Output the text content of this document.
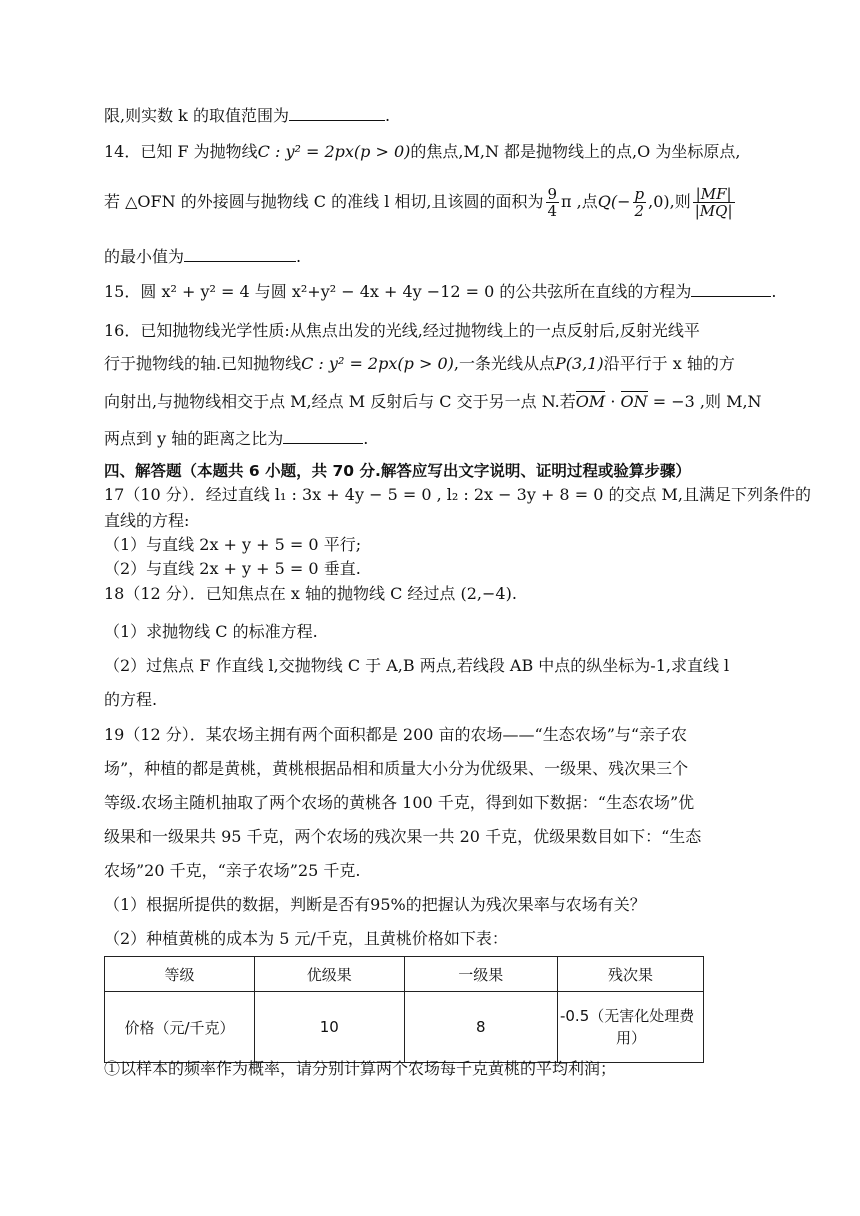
限,则实数 k 的取值范围为	.
14．已知 F 为抛物线C : y² = 2px(p > 0)的焦点,M,N 都是抛物线上的点,O 为坐标原点,
若 △OFN 的外接圆与抛物线 C 的准线 l 相切,且该圆的面积为 $\frac{9}{4}$ π ,点$Q(- \frac{p}{2} ,0)$,则 $\frac{|MF|}{|MQ|}$
的最小值为	.
15．圆 x² + y² = 4 与圆 x²+y² − 4x + 4y −12 = 0 的公共弦所在直线的方程为	.
16．已知抛物线光学性质:从焦点出发的光线,经过抛物线上的一点反射后,反射光线平
行于抛物线的轴.已知抛物线C : y² = 2px(p > 0),一条光线从点P(3,1)沿平行于 x 轴的方
向射出,与抛物线相交于点 M,经点 M 反射后与 C 交于另一点 N.若OM · ON = −3 ,则 M,N
两点到 y 轴的距离之比为	.
四、解答题（本题共 6 小题，共 70 分.解答应写出文字说明、证明过程或验算步骤）
17（10 分）．经过直线 l₁ : 3x + 4y − 5 = 0 , l₂ : 2x − 3y + 8 = 0 的交点 M,且满足下列条件的
直线的方程:
（1）与直线 2x + y + 5 = 0 平行;
（2）与直线 2x + y + 5 = 0 垂直.
18（12 分）．已知焦点在 x 轴的抛物线 C 经过点 (2,−4).
（1）求抛物线 C 的标准方程.
（2）过焦点 F 作直线 l,交抛物线 C 于 A,B 两点,若线段 AB 中点的纵坐标为-1,求直线 l
的方程.
19（12 分）．某农场主拥有两个面积都是 200 亩的农场——“生态农场”与“亲子农
场”，种植的都是黄桃，黄桃根据品相和质量大小分为优级果、一级果、残次果三个
等级.农场主随机抽取了两个农场的黄桃各 100 千克，得到如下数据：“生态农场”优
级果和一级果共 95 千克，两个农场的残次果一共 20 千克，优级果数目如下：“生态
农场”20 千克，“亲子农场”25 千克.
（1）根据所提供的数据，判断是否有95%的把握认为残次果率与农场有关？
（2）种植黄桃的成本为 5 元/千克，且黄桃价格如下表：
等级	优级果	一级果	残次果
价格（元/千克）	10	8	-0.5（无害化处理费

用）
①以样本的频率作为概率，请分别计算两个农场每千克黄桃的平均利润；
